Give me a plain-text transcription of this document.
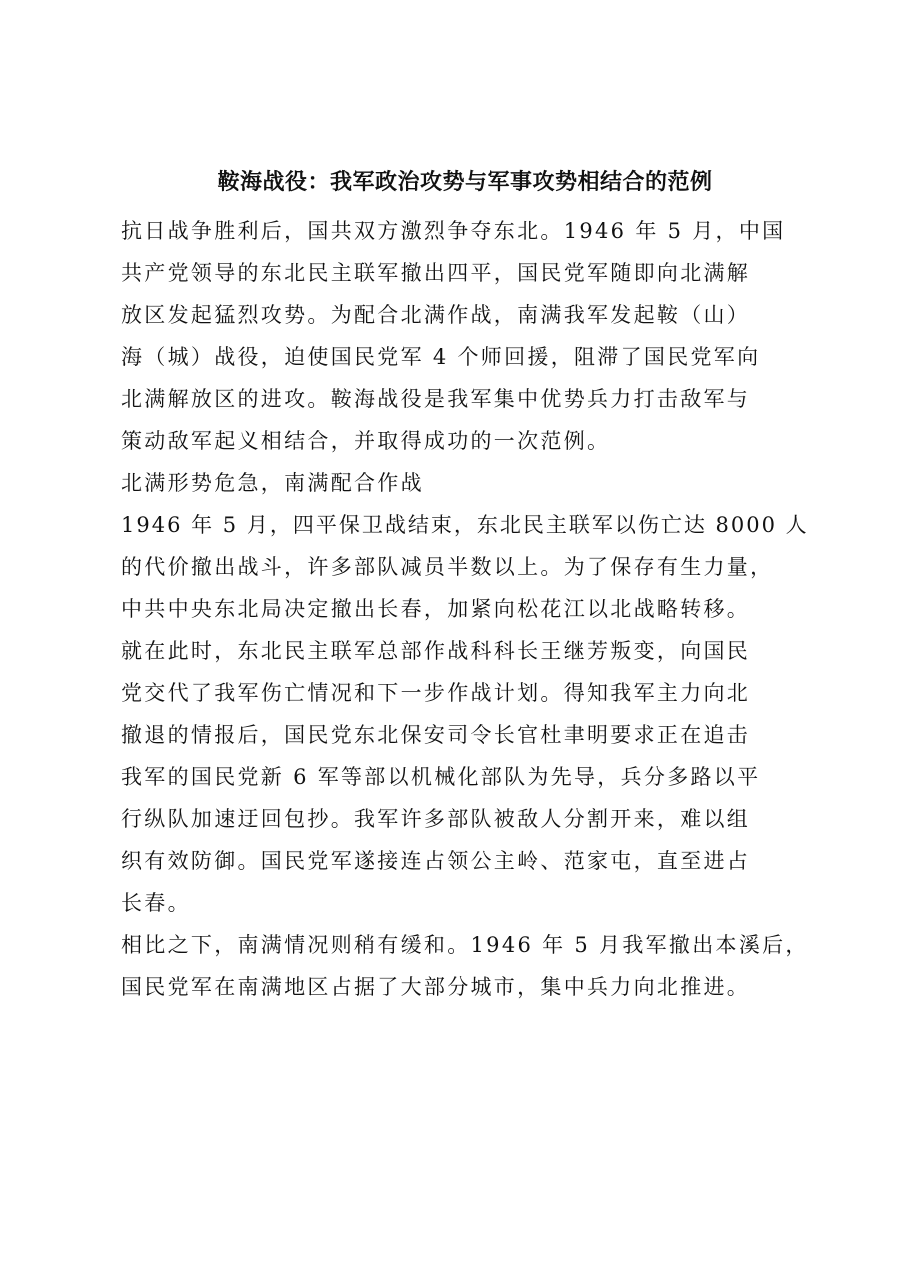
鞍海战役：我军政治攻势与军事攻势相结合的范例
抗日战争胜利后，国共双方激烈争夺东北。1946 年 5 月，中国
共产党领导的东北民主联军撤出四平，国民党军随即向北满解
放区发起猛烈攻势。为配合北满作战，南满我军发起鞍（山）
海（城）战役，迫使国民党军 4 个师回援，阻滞了国民党军向
北满解放区的进攻。鞍海战役是我军集中优势兵力打击敌军与
策动敌军起义相结合，并取得成功的一次范例。
北满形势危急，南满配合作战
1946 年 5 月，四平保卫战结束，东北民主联军以伤亡达 8000 人
的代价撤出战斗，许多部队减员半数以上。为了保存有生力量，
中共中央东北局决定撤出长春，加紧向松花江以北战略转移。
就在此时，东北民主联军总部作战科科长王继芳叛变，向国民
党交代了我军伤亡情况和下一步作战计划。得知我军主力向北
撤退的情报后，国民党东北保安司令长官杜聿明要求正在追击
我军的国民党新 6 军等部以机械化部队为先导，兵分多路以平
行纵队加速迂回包抄。我军许多部队被敌人分割开来，难以组
织有效防御。国民党军遂接连占领公主岭、范家屯，直至进占
长春。
相比之下，南满情况则稍有缓和。1946 年 5 月我军撤出本溪后，
国民党军在南满地区占据了大部分城市，集中兵力向北推进。
